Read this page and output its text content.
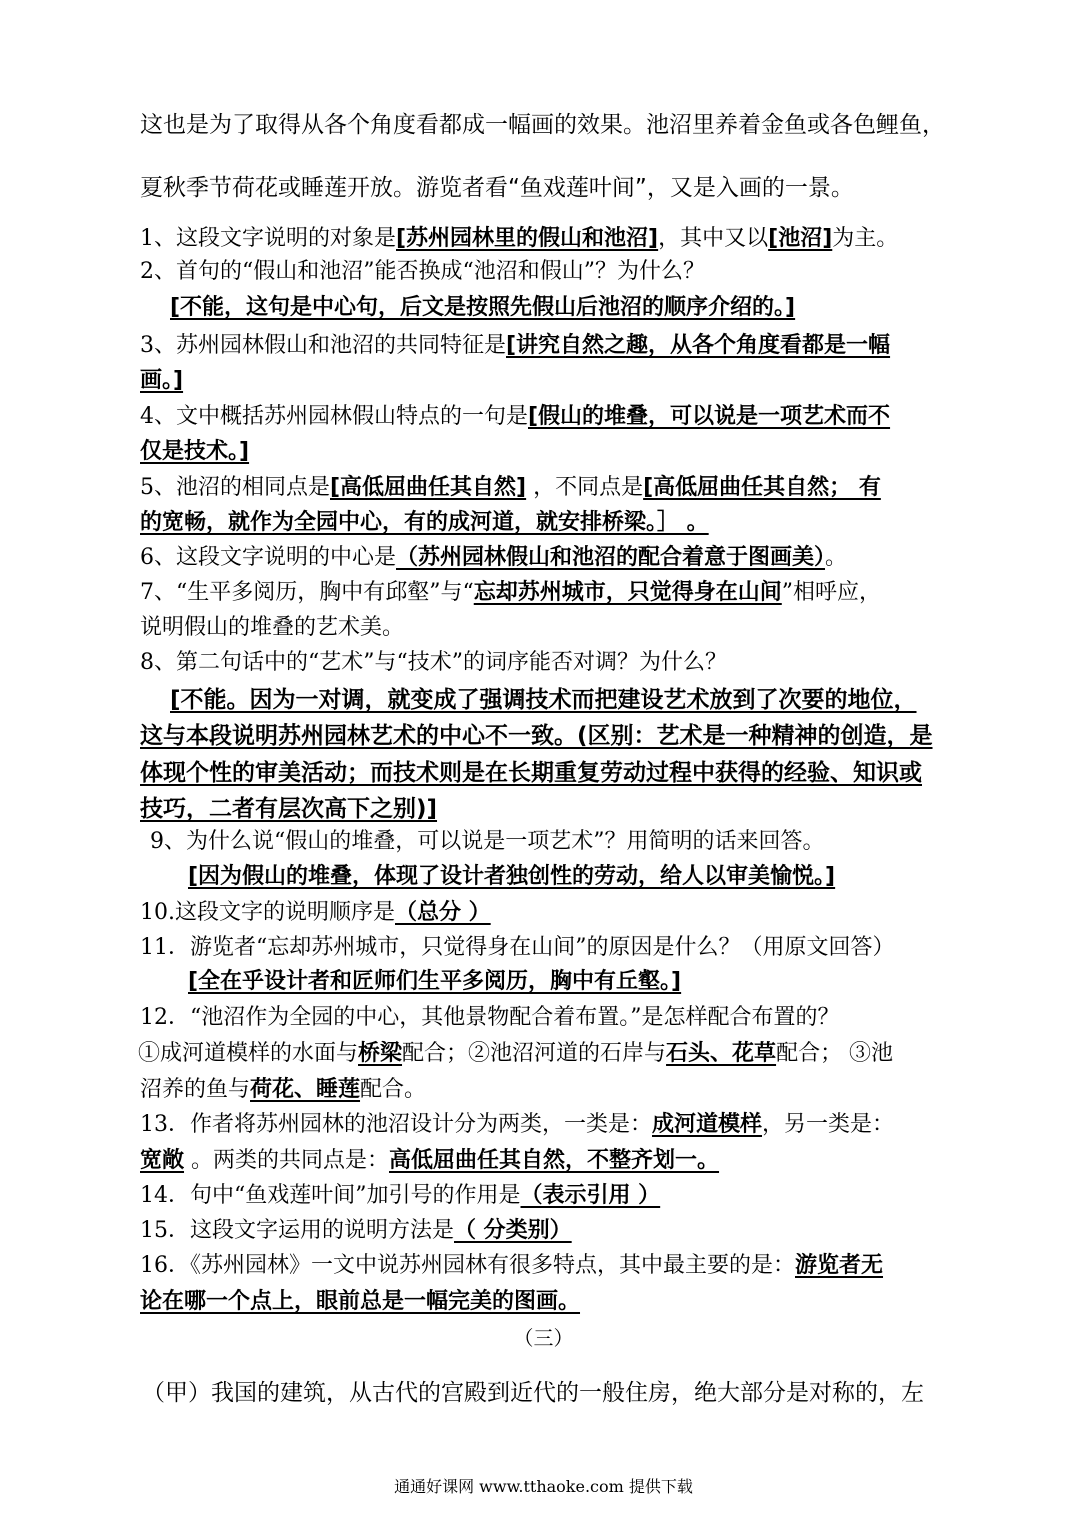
这也是为了取得从各个角度看都成一幅画的效果。池沼里养着金鱼或各色鲤鱼，
夏秋季节荷花或睡莲开放。游览者看“鱼戏莲叶间”，又是入画的一景。
1、这段文字说明的对象是[苏州园林里的假山和池沼]，其中又以[池沼]为主。
2、首句的“假山和池沼”能否换成“池沼和假山”？为什么？
[不能，这句是中心句，后文是按照先假山后池沼的顺序介绍的。]
3、苏州园林假山和池沼的共同特征是[讲究自然之趣，从各个角度看都是一幅
画。]
4、文中概括苏州园林假山特点的一句是[假山的堆叠，可以说是一项艺术而不
仅是技术。]
5、池沼的相同点是[高低屈曲任其自然] ，不同点是[高低屈曲任其自然； 有
的宽畅，就作为全园中心，有的成河道，就安排桥梁。］ 。
6、这段文字说明的中心是（苏州园林假山和池沼的配合着意于图画美）。
7、“生平多阅历，胸中有邱壑”与“忘却苏州城市，只觉得身在山间”相呼应，
说明假山的堆叠的艺术美。
8、第二句话中的“艺术”与“技术”的词序能否对调？为什么？
[不能。因为一对调，就变成了强调技术而把建设艺术放到了次要的地位，
这与本段说明苏州园林艺术的中心不一致。(区别：艺术是一种精神的创造，是
体现个性的审美活动；而技术则是在长期重复劳动过程中获得的经验、知识或
技巧，二者有层次高下之别)]
9、为什么说“假山的堆叠，可以说是一项艺术”？用简明的话来回答。
[因为假山的堆叠，体现了设计者独创性的劳动，给人以审美愉悦。]
10.这段文字的说明顺序是（总分 ）
11．游览者“忘却苏州城市，只觉得身在山间”的原因是什么？（用原文回答）
[全在乎设计者和匠师们生平多阅历，胸中有丘壑。]
12．“池沼作为全园的中心，其他景物配合着布置。”是怎样配合布置的？
①成河道模样的水面与桥梁配合；②池沼河道的石岸与石头、花草配合； ③池
沼养的鱼与荷花、睡莲配合。
13．作者将苏州园林的池沼设计分为两类，一类是：成河道模样，另一类是：
宽敞 。两类的共同点是：高低屈曲任其自然，不整齐划一。
14．句中“鱼戏莲叶间”加引号的作用是（表示引用 ）
15．这段文字运用的说明方法是（ 分类别）
16．《苏州园林》一文中说苏州园林有很多特点，其中最主要的是：游览者无
论在哪一个点上，眼前总是一幅完美的图画。
（三）
（甲）我国的建筑，从古代的宫殿到近代的一般住房，绝大部分是对称的，左
通通好课网 www.tthaoke.com 提供下载
